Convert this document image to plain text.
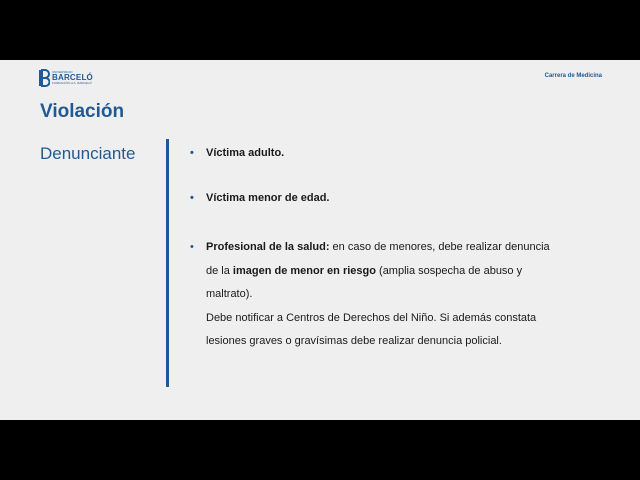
UNIVERSIDAD
BARCELÓ
FUNDACIÓN H.A. BARCELÓ
Carrera de Medicina
Violación
Denunciante	• Víctima adulto.
• Víctima menor de edad.
• Profesional de la salud: en caso de menores, debe realizar denuncia de la imagen de menor en riesgo (amplia sospecha de abuso y maltrato).
Debe notificar a Centros de Derechos del Niño. Si además constata lesiones graves o gravísimas debe realizar denuncia policial.
